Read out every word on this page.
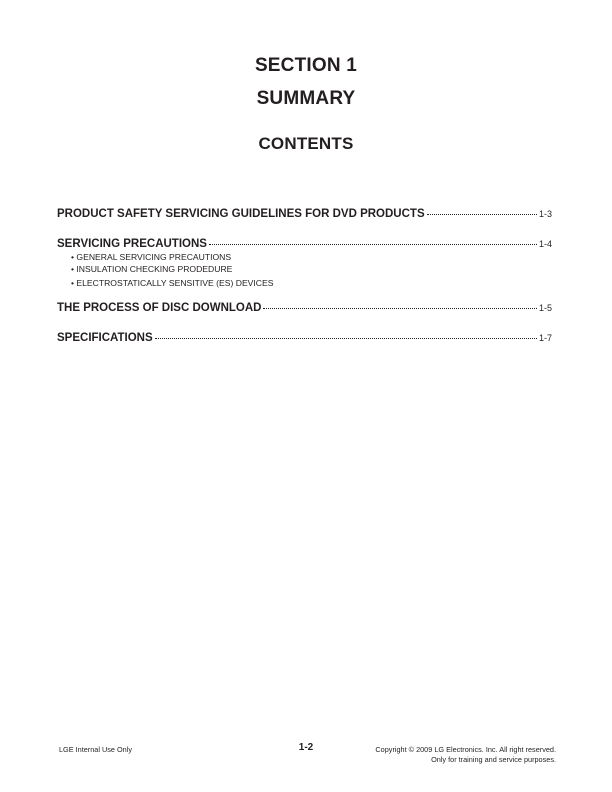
SECTION 1
SUMMARY
CONTENTS
PRODUCT SAFETY SERVICING GUIDELINES FOR DVD PRODUCTS	1-3
SERVICING PRECAUTIONS	1-4
• GENERAL SERVICING PRECAUTIONS
• INSULATION CHECKING PRODEDURE
• ELECTROSTATICALLY SENSITIVE (ES) DEVICES
THE PROCESS OF DISC DOWNLOAD	1-5
SPECIFICATIONS	1-7
LGE Internal Use Only	1-2	Copyright © 2009 LG Electronics. Inc. All right reserved.
Only for training and service purposes.
